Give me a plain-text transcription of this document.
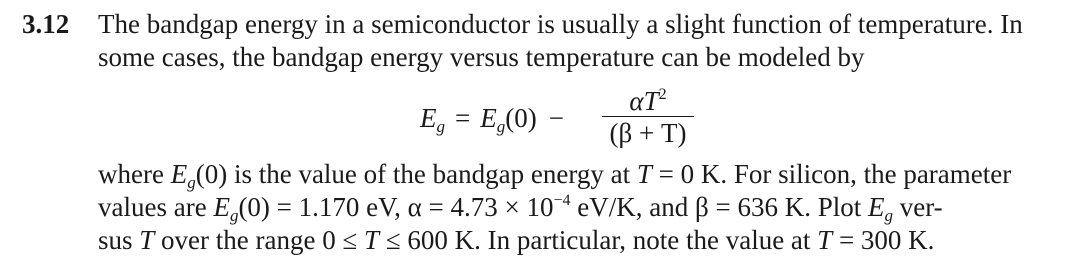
3.12 The bandgap energy in a semiconductor is usually a slight function of temperature. In
some cases, the bandgap energy versus temperature can be modeled by
$E_g = E_g(0)$ −
$\alpha T^2$
(β + T)
where $E_g(0)$ is the value of the bandgap energy at T = 0 K. For silicon, the parameter
values are $E_g(0) = 1.170$ eV, $\alpha = 4.73 \times 10^{-4}$ eV/K, and β = 636 K. Plot $E_g$ ver-
sus T over the range 0 ≤ T ≤ 600 K. In particular, note the value at T = 300 K.
